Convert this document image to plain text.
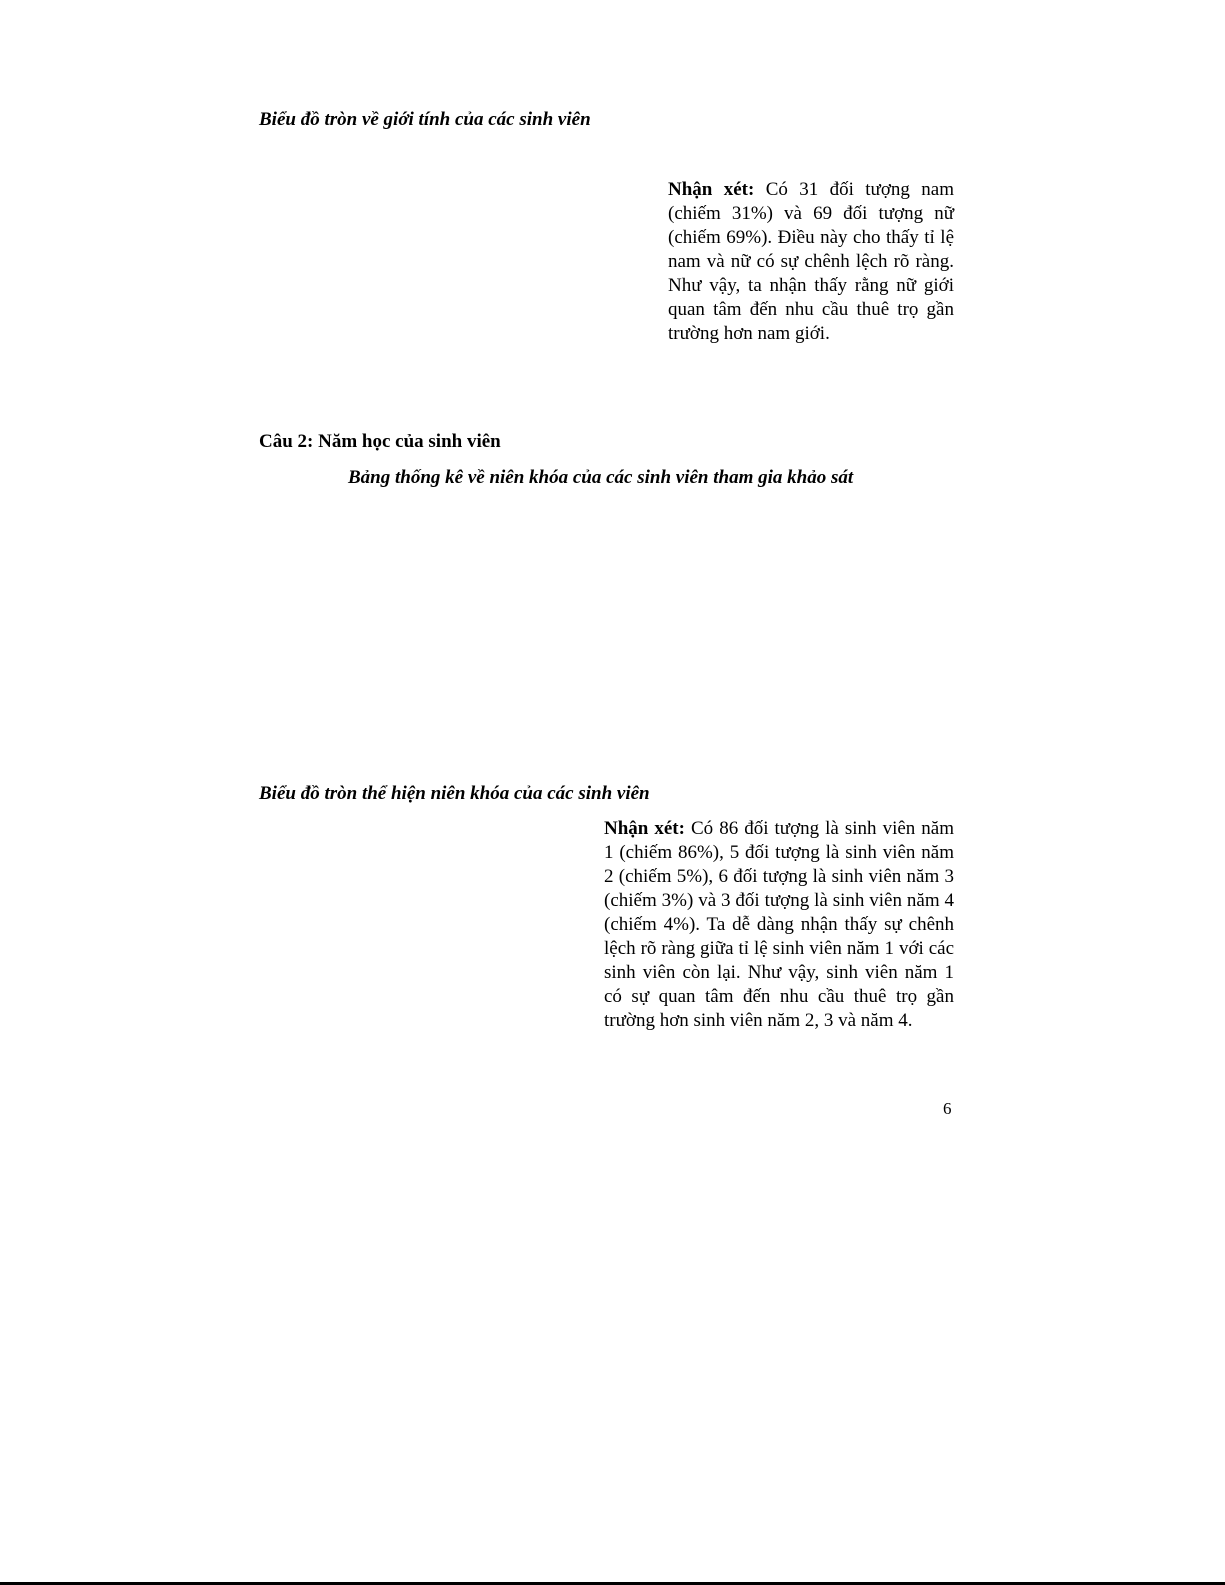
Biểu đồ tròn về giới tính của các sinh viên
Nhận xét: Có 31 đối tượng nam (chiếm 31%) và 69 đối tượng nữ (chiếm 69%). Điều này cho thấy tỉ lệ nam và nữ có sự chênh lệch rõ ràng. Như vậy, ta nhận thấy rằng nữ giới quan tâm đến nhu cầu thuê trọ gần trường hơn nam giới.
Câu 2: Năm học của sinh viên
Bảng thống kê về niên khóa của các sinh viên tham gia khảo sát
Biểu đồ tròn thể hiện niên khóa của các sinh viên
Nhận xét: Có 86 đối tượng là sinh viên năm 1 (chiếm 86%), 5 đối tượng là sinh viên năm 2 (chiếm 5%), 6 đối tượng là sinh viên năm 3 (chiếm 3%) và 3 đối tượng là sinh viên năm 4 (chiếm 4%). Ta dễ dàng nhận thấy sự chênh lệch rõ ràng giữa tỉ lệ sinh viên năm 1 với các sinh viên còn lại. Như vậy, sinh viên năm 1 có sự quan tâm đến nhu cầu thuê trọ gần trường hơn sinh viên năm 2, 3 và năm 4.
6
